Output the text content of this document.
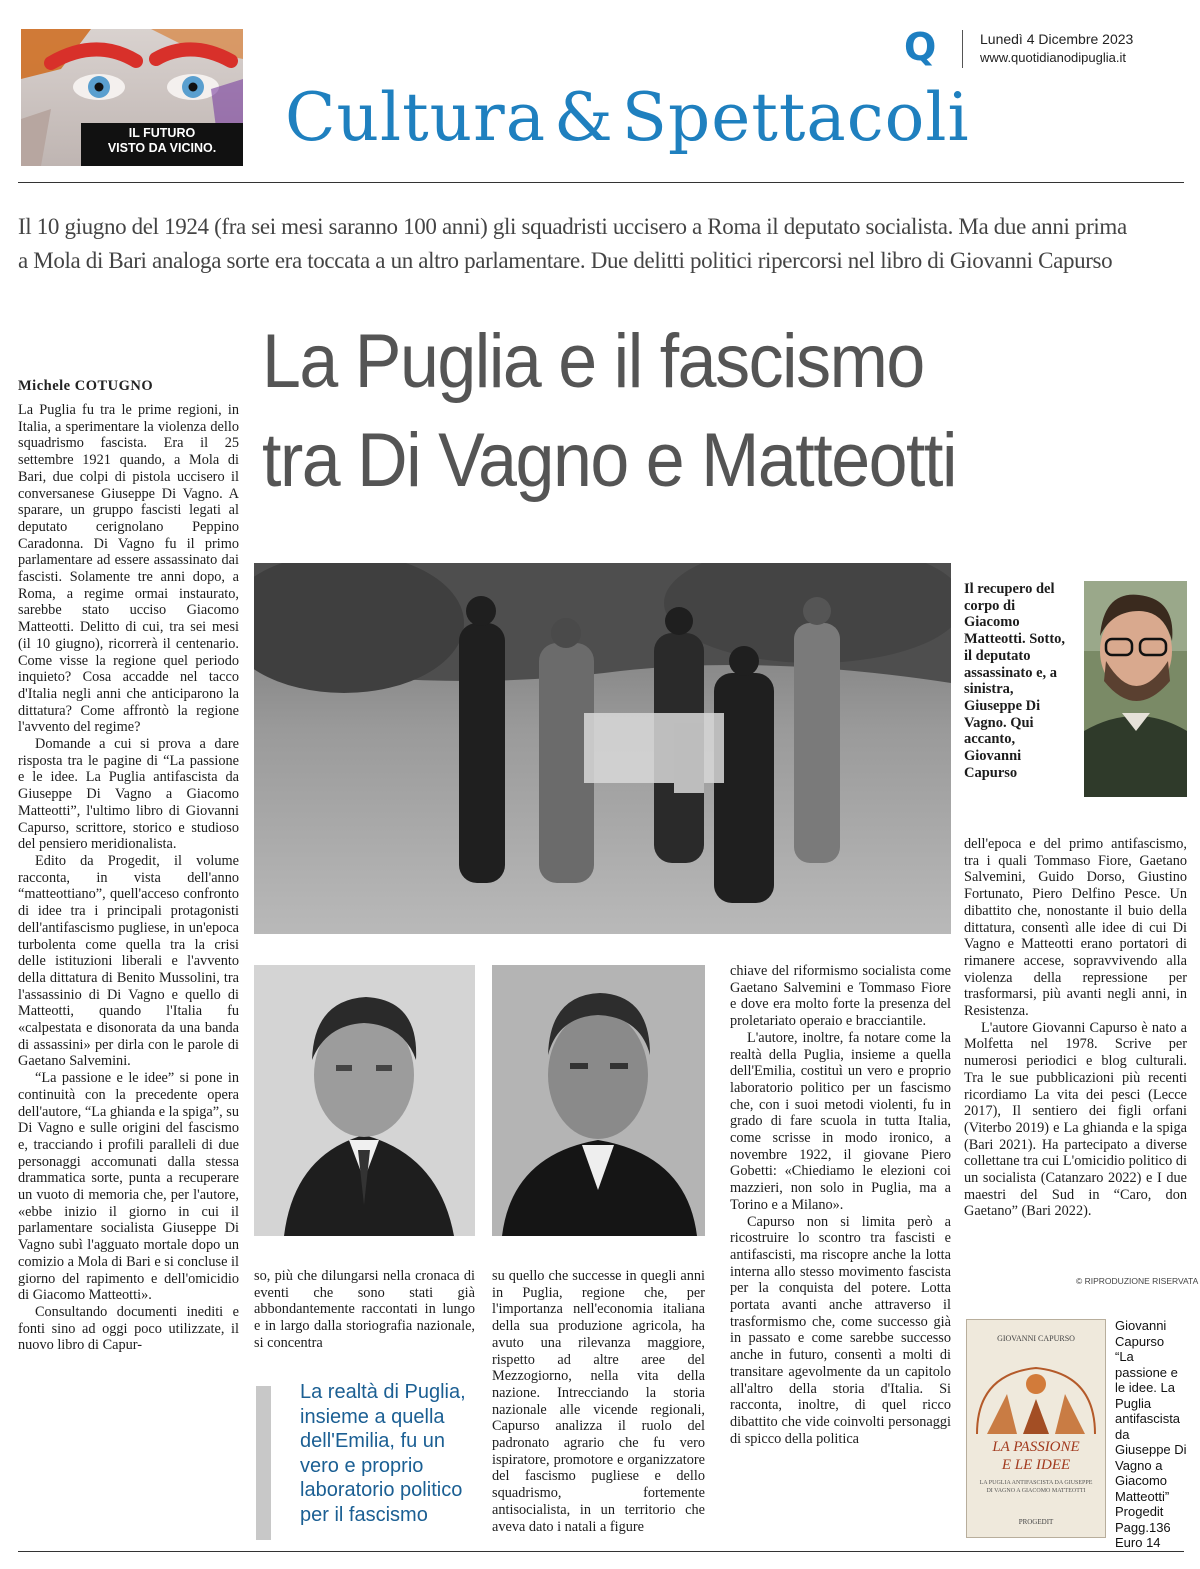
IL FUTURO
VISTO DA VICINO.
Q	Lunedì 4 Dicembre 2023
www.quotidianodipuglia.it
Cultura & Spettacoli
Il 10 giugno del 1924 (fra sei mesi saranno 100 anni) gli squadristi uccisero a Roma il deputato socialista. Ma due anni prima
a Mola di Bari analoga sorte era toccata a un altro parlamentare. Due delitti politici ripercorsi nel libro di Giovanni Capurso
La Puglia e il fascismo
tra Di Vagno e Matteotti
Michele COTUGNO

La Puglia fu tra le prime regioni, in Italia, a sperimentare la violenza dello squadrismo fascista. Era il 25 settembre 1921 quando, a Mola di Bari, due colpi di pistola uccisero il conversanese Giuseppe Di Vagno. A sparare, un gruppo fascisti legati al deputato cerignolano Peppino Caradonna. Di Vagno fu il primo parlamentare ad essere assassinato dai fascisti. Solamente tre anni dopo, a Roma, a regime ormai instaurato, sarebbe stato ucciso Giacomo Matteotti. Delitto di cui, tra sei mesi (il 10 giugno), ricorrerà il centenario. Come visse la regione quel periodo inquieto? Cosa accadde nel tacco d'Italia negli anni che anticiparono la dittatura? Come affrontò la regione l'avvento del regime?

Domande a cui si prova a dare risposta tra le pagine di “La passione e le idee. La Puglia antifascista da Giuseppe Di Vagno a Giacomo Matteotti”, l'ultimo libro di Giovanni Capurso, scrittore, storico e studioso del pensiero meridionalista.

Edito da Progedit, il volume racconta, in vista dell'anno “matteottiano”, quell'acceso confronto di idee tra i principali protagonisti dell'antifascismo pugliese, in un'epoca turbolenta come quella tra la crisi delle istituzioni liberali e l'avvento della dittatura di Benito Mussolini, tra l'assassinio di Di Vagno e quello di Matteotti, quando l'Italia fu «calpestata e disonorata da una banda di assassini» per dirla con le parole di Gaetano Salvemini.

“La passione e le idee” si pone in continuità con la precedente opera dell'autore, “La ghianda e la spiga”, su Di Vagno e sulle origini del fascismo e, tracciando i profili paralleli di due personaggi accomunati dalla stessa drammatica sorte, punta a recuperare un vuoto di memoria che, per l'autore, «ebbe inizio il giorno in cui il parlamentare socialista Giuseppe Di Vagno subì l'agguato mortale dopo un comizio a Mola di Bari e si concluse il giorno del rapimento e dell'omicidio di Giacomo Matteotti».

Consultando documenti inediti e fonti sino ad oggi poco utilizzate, il nuovo libro di Capur-

Il recupero del corpo di Giacomo Matteotti. Sotto, il deputato assassinato e, a sinistra, Giuseppe Di Vagno. Qui accanto, Giovanni Capurso

so, più che dilungarsi nella cronaca di eventi che sono stati già abbondantemente raccontati in lungo e in largo dalla storiografia nazionale, si concentra

su quello che successe in quegli anni in Puglia, regione che, per l'importanza nell'economia italiana della sua produzione agricola, ha avuto una rilevanza maggiore, rispetto ad altre aree del Mezzogiorno, nella vita della nazione. Intrecciando la storia nazionale alle vicende regionali, Capurso analizza il ruolo del padronato agrario che fu vero ispiratore, promotore e organizzatore del fascismo pugliese e dello squadrismo, fortemente antisocialista, in un territorio che aveva dato i natali a figure

La realtà di Puglia, insieme a quella dell'Emilia, fu un vero e proprio laboratorio politico per il fascismo

chiave del riformismo socialista come Gaetano Salvemini e Tommaso Fiore e dove era molto forte la presenza del proletariato operaio e bracciantile.

L'autore, inoltre, fa notare come la realtà della Puglia, insieme a quella dell'Emilia, costituì un vero e proprio laboratorio politico per un fascismo che, con i suoi metodi violenti, fu in grado di fare scuola in tutta Italia, come scrisse in modo ironico, a novembre 1922, il giovane Piero Gobetti: «Chiediamo le elezioni coi mazzieri, non solo in Puglia, ma a Torino e a Milano».

Capurso non si limita però a ricostruire lo scontro tra fascisti e antifascisti, ma riscopre anche la lotta interna allo stesso movimento fascista per la conquista del potere. Lotta portata avanti anche attraverso il trasformismo che, come successo già in passato e come sarebbe successo anche in futuro, consentì a molti di transitare agevolmente da un capitolo all'altro della storia d'Italia. Si racconta, inoltre, di quel ricco dibattito che vide coinvolti personaggi di spicco della politica

dell'epoca e del primo antifascismo, tra i quali Tommaso Fiore, Gaetano Salvemini, Guido Dorso, Giustino Fortunato, Piero Delfino Pesce. Un dibattito che, nonostante il buio della dittatura, consentì alle idee di cui Di Vagno e Matteotti erano portatori di rimanere accese, sopravvivendo alla violenza della repressione per trasformarsi, più avanti negli anni, in Resistenza.

L'autore Giovanni Capurso è nato a Molfetta nel 1978. Scrive per numerosi periodici e blog culturali. Tra le sue pubblicazioni più recenti ricordiamo La vita dei pesci (Lecce 2017), Il sentiero dei figli orfani (Viterbo 2019) e La ghianda e la spiga (Bari 2021). Ha partecipato a diverse collettane tra cui L'omicidio politico di un socialista (Catanzaro 2022) e I due maestri del Sud in “Caro, don Gaetano” (Bari 2022).

© RIPRODUZIONE RISERVATA
GIOVANNI CAPURSO
LA PASSIONE
E LE IDEE
LA PUGLIA ANTIFASCISTA DA GIUSEPPE DI VAGNO A GIACOMO MATTEOTTI
PROGEDIT
Giovanni Capurso
“La passione e le idee. La Puglia antifascista da Giuseppe Di Vagno a Giacomo Matteotti”
Progedit
Pagg.136
Euro 14
